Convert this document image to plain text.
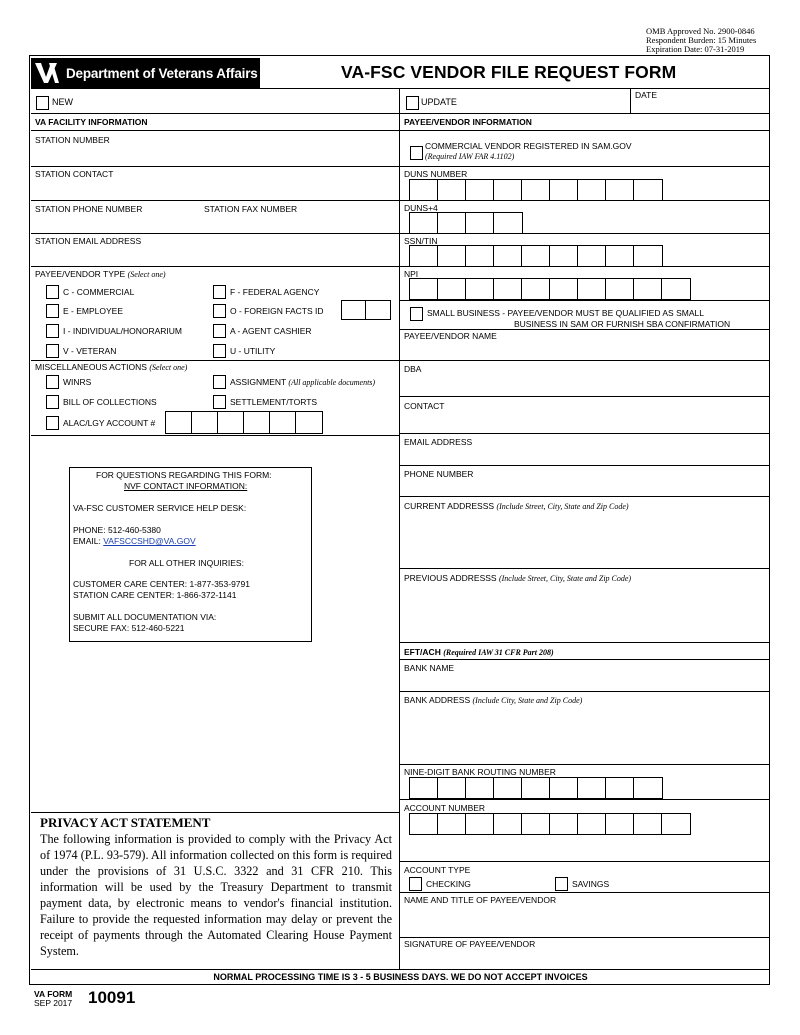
OMB Approved No. 2900-0846
Respondent Burden: 15 Minutes
Expiration Date: 07-31-2019
Department of Veterans Affairs	VA-FSC VENDOR FILE REQUEST FORM
NEW	UPDATE
DATE
VA FACILITY INFORMATION	PAYEE/VENDOR INFORMATION
STATION NUMBER
STATION CONTACT
STATION PHONE NUMBER	STATION FAX NUMBER
STATION EMAIL ADDRESS
PAYEE/VENDOR TYPE (Select one)
C - COMMERCIAL	F - FEDERAL AGENCY
E - EMPLOYEE	O - FOREIGN FACTS ID
I - INDIVIDUAL/HONORARIUM	A - AGENT CASHIER
V - VETERAN	U - UTILITY
MISCELLANEOUS ACTIONS (Select one)
WINRS	ASSIGNMENT (All applicable documents)
BILL OF COLLECTIONS	SETTLEMENT/TORTS
ALAC/LGY ACCOUNT #
FOR QUESTIONS REGARDING THIS FORM:
NVF CONTACT INFORMATION:
VA-FSC CUSTOMER SERVICE HELP DESK:
PHONE: 512-460-5380
EMAIL: VAFSCCSHD@VA.GOV
FOR ALL OTHER INQUIRIES:
CUSTOMER CARE CENTER: 1-877-353-9791
STATION CARE CENTER: 1-866-372-1141
SUBMIT ALL DOCUMENTATION VIA:
SECURE FAX: 512-460-5221
PRIVACY ACT STATEMENT
The following information is provided to comply with the Privacy Act of 1974 (P.L. 93-579). All information collected on this form is required under the provisions of 31 U.S.C. 3322 and 31 CFR 210. This information will be used by the Treasury Department to transmit payment data, by electronic means to vendor's financial institution. Failure to provide the requested information may delay or prevent the receipt of payments through the Automated Clearing House Payment System.
COMMERCIAL VENDOR REGISTERED IN SAM.GOV
(Required IAW FAR 4.1102)
DUNS NUMBER
DUNS+4
SSN/TIN
NPI
SMALL BUSINESS - PAYEE/VENDOR MUST BE QUALIFIED AS SMALL
BUSINESS IN SAM OR FURNISH SBA CONFIRMATION
PAYEE/VENDOR NAME
DBA
CONTACT
EMAIL ADDRESS
PHONE NUMBER
CURRENT ADDRESSS (Include Street, City, State and Zip Code)
PREVIOUS ADDRESSS (Include Street, City, State and Zip Code)
EFT/ACH (Required IAW 31 CFR Part 208)
BANK NAME
BANK ADDRESS (Include City, State and Zip Code)
NINE-DIGIT BANK ROUTING NUMBER
ACCOUNT NUMBER
ACCOUNT TYPE
CHECKING	SAVINGS
NAME AND TITLE OF PAYEE/VENDOR
SIGNATURE OF PAYEE/VENDOR
NORMAL PROCESSING TIME IS 3 - 5 BUSINESS DAYS. WE DO NOT ACCEPT INVOICES
VA FORM
SEP 2017 10091
